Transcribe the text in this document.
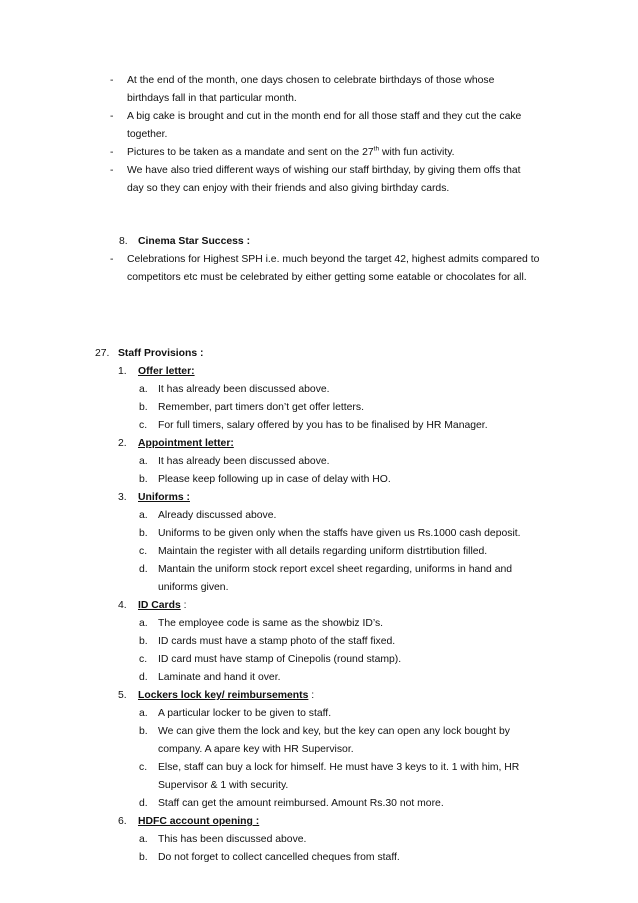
- At the end of the month, one days chosen to celebrate birthdays of those whose
birthdays fall in that particular month.
- A big cake is brought and cut in the month end for all those staff and they cut the cake
together.
- Pictures to be taken as a mandate and sent on the 27th with fun activity.
- We have also tried different ways of wishing our staff birthday, by giving them offs that
day so they can enjoy with their friends and also giving birthday cards.
8. Cinema Star Success :
- Celebrations for Highest SPH i.e. much beyond the target 42, highest admits compared to
competitors etc must be celebrated by either getting some eatable or chocolates for all.
27. Staff Provisions :
1. Offer letter:
a. It has already been discussed above.
b. Remember, part timers don’t get offer letters.
c. For full timers, salary offered by you has to be finalised by HR Manager.
2. Appointment letter:
a. It has already been discussed above.
b. Please keep following up in case of delay with HO.
3. Uniforms :
a. Already discussed above.
b. Uniforms to be given only when the staffs have given us Rs.1000 cash deposit.
c. Maintain the register with all details regarding uniform distrtibution filled.
d. Mantain the uniform stock report excel sheet regarding, uniforms in hand and
uniforms given.
4. ID Cards :
a. The employee code is same as the showbiz ID’s.
b. ID cards must have a stamp photo of the staff fixed.
c. ID card must have stamp of Cinepolis (round stamp).
d. Laminate and hand it over.
5. Lockers lock key/ reimbursements :
a. A particular locker to be given to staff.
b. We can give them the lock and key, but the key can open any lock bought by
company. A apare key with HR Supervisor.
c. Else, staff can buy a lock for himself. He must have 3 keys to it. 1 with him, HR
Supervisor & 1 with security.
d. Staff can get the amount reimbursed. Amount Rs.30 not more.
6. HDFC account opening :
a. This has been discussed above.
b. Do not forget to collect cancelled cheques from staff.
